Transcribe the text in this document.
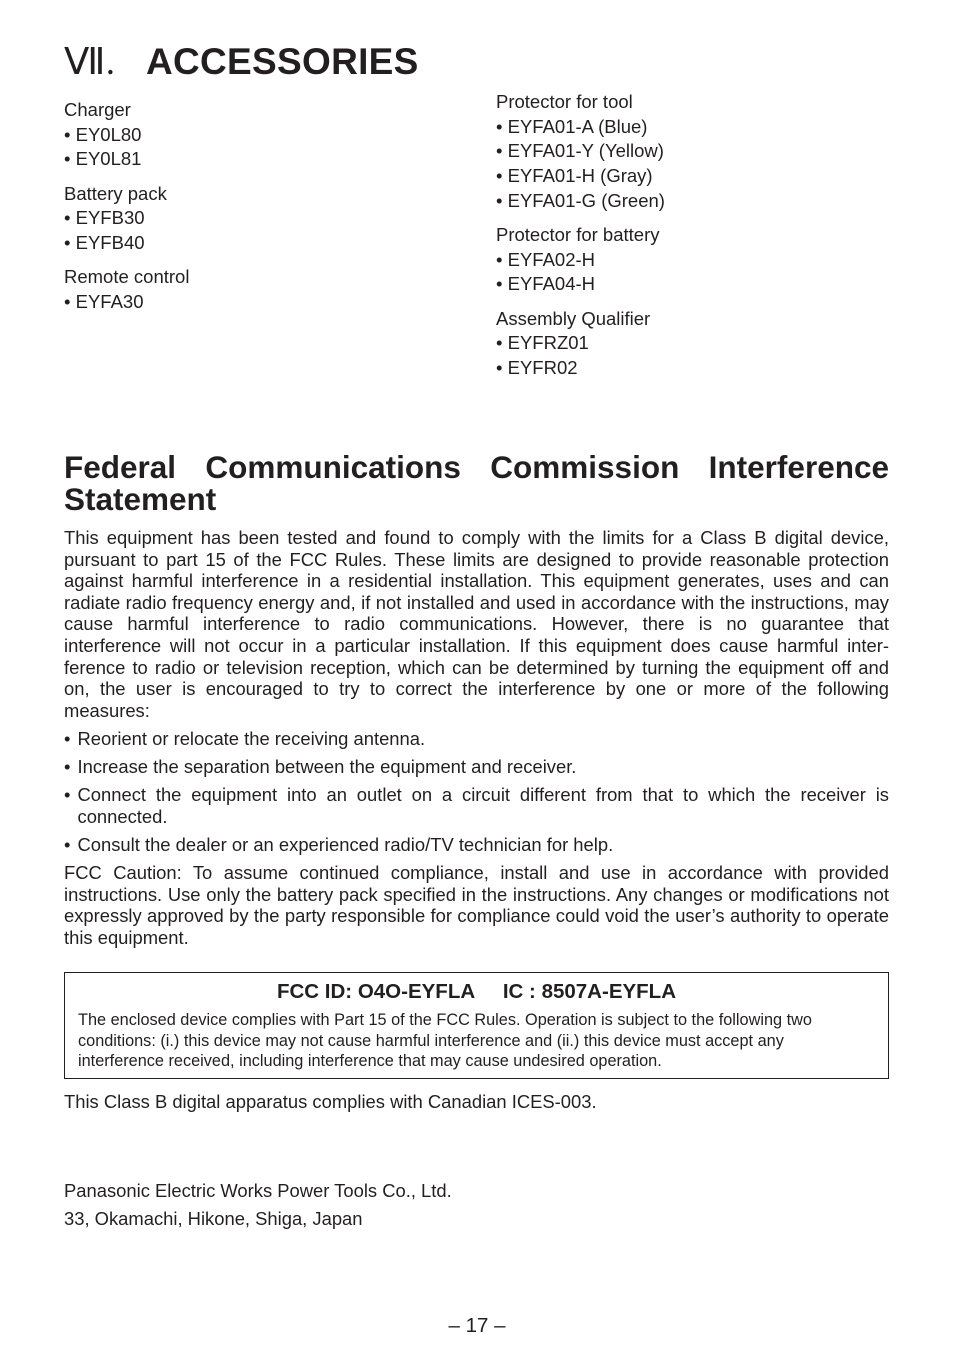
Ⅶ. ACCESSORIES
Charger
• EY0L80
• EY0L81
Battery pack
• EYFB30
• EYFB40
Remote control
• EYFA30
Protector for tool
• EYFA01-A (Blue)
• EYFA01-Y (Yellow)
• EYFA01-H (Gray)
• EYFA01-G (Green)
Protector for battery
• EYFA02-H
• EYFA04-H
Assembly Qualifier
• EYFRZ01
• EYFR02
Federal Communications Commission Interference Statement

This equipment has been tested and found to comply with the limits for a Class B digital device, pursuant to part 15 of the FCC Rules. These limits are designed to provide reasonable protection against harmful interference in a residential installation. This equipment generates, uses and can radiate radio frequency energy and, if not installed and used in accordance with the instructions, may cause harmful interference to radio communications. However, there is no guarantee that interference will not occur in a particular installation. If this equipment does cause harmful inter-ference to radio or television reception, which can be determined by turning the equipment off and on, the user is encouraged to try to correct the interference by one or more of the following measures:

• Reorient or relocate the receiving antenna.
• Increase the separation between the equipment and receiver.
• Connect the equipment into an outlet on a circuit different from that to which the receiver is connected.
• Consult the dealer or an experienced radio/TV technician for help.

FCC Caution: To assume continued compliance, install and use in accordance with provided instructions. Use only the battery pack specified in the instructions. Any changes or modifications not expressly approved by the party responsible for compliance could void the user’s authority to operate this equipment.

FCC ID: O4O-EYFLA     IC : 8507A-EYFLA
The enclosed device complies with Part 15 of the FCC Rules. Operation is subject to the following two conditions: (i.) this device may not cause harmful interference and (ii.) this device must accept any interference received, including interference that may cause undesired operation.
This Class B digital apparatus complies with Canadian ICES-003.
Panasonic Electric Works Power Tools Co., Ltd.
33, Okamachi, Hikone, Shiga, Japan
– 17 –
